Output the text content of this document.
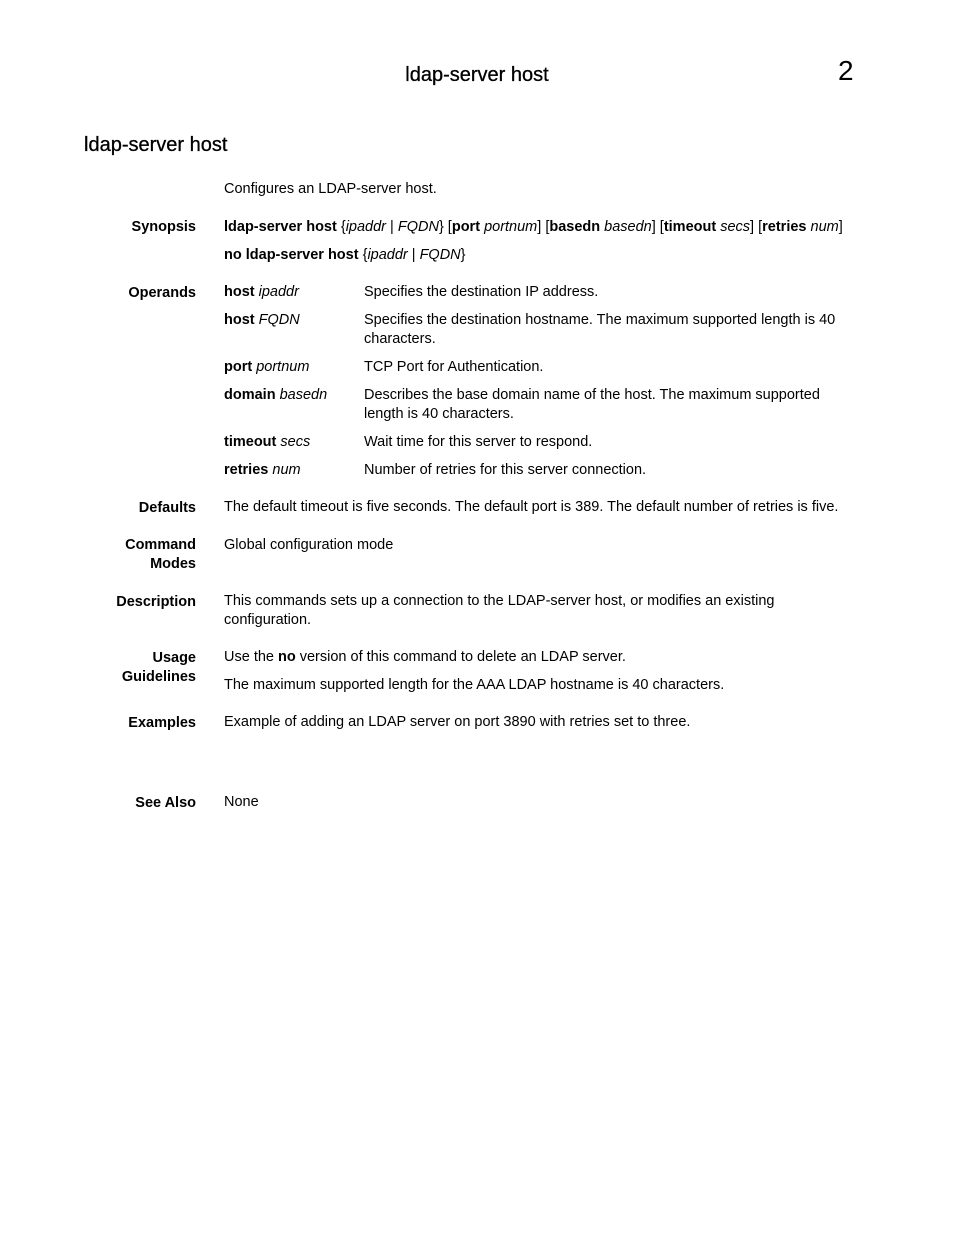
ldap-server host	2
ldap-server host
Configures an LDAP-server host.
Synopsis ldap-server host {ipaddr | FQDN} [port portnum] [basedn basedn] [timeout secs] [retries num]
no ldap-server host {ipaddr | FQDN}
Operands host ipaddr	Specifies the destination IP address.
host FQDN	Specifies the destination hostname. The maximum supported length is 40 characters.
port portnum	TCP Port for Authentication.
domain basedn	Describes the base domain name of the host. The maximum supported length is 40 characters.
timeout secs	Wait time for this server to respond.
retries num	Number of retries for this server connection.
Defaults The default timeout is five seconds. The default port is 389. The default number of retries is five.
Command
Modes
Global configuration mode
Description This commands sets up a connection to the LDAP-server host, or modifies an existing
configuration.
Usage
Guidelines
Use the no version of this command to delete an LDAP server.
The maximum supported length for the AAA LDAP hostname is 40 characters.
Examples Example of adding an LDAP server on port 3890 with retries set to three.
See Also None
